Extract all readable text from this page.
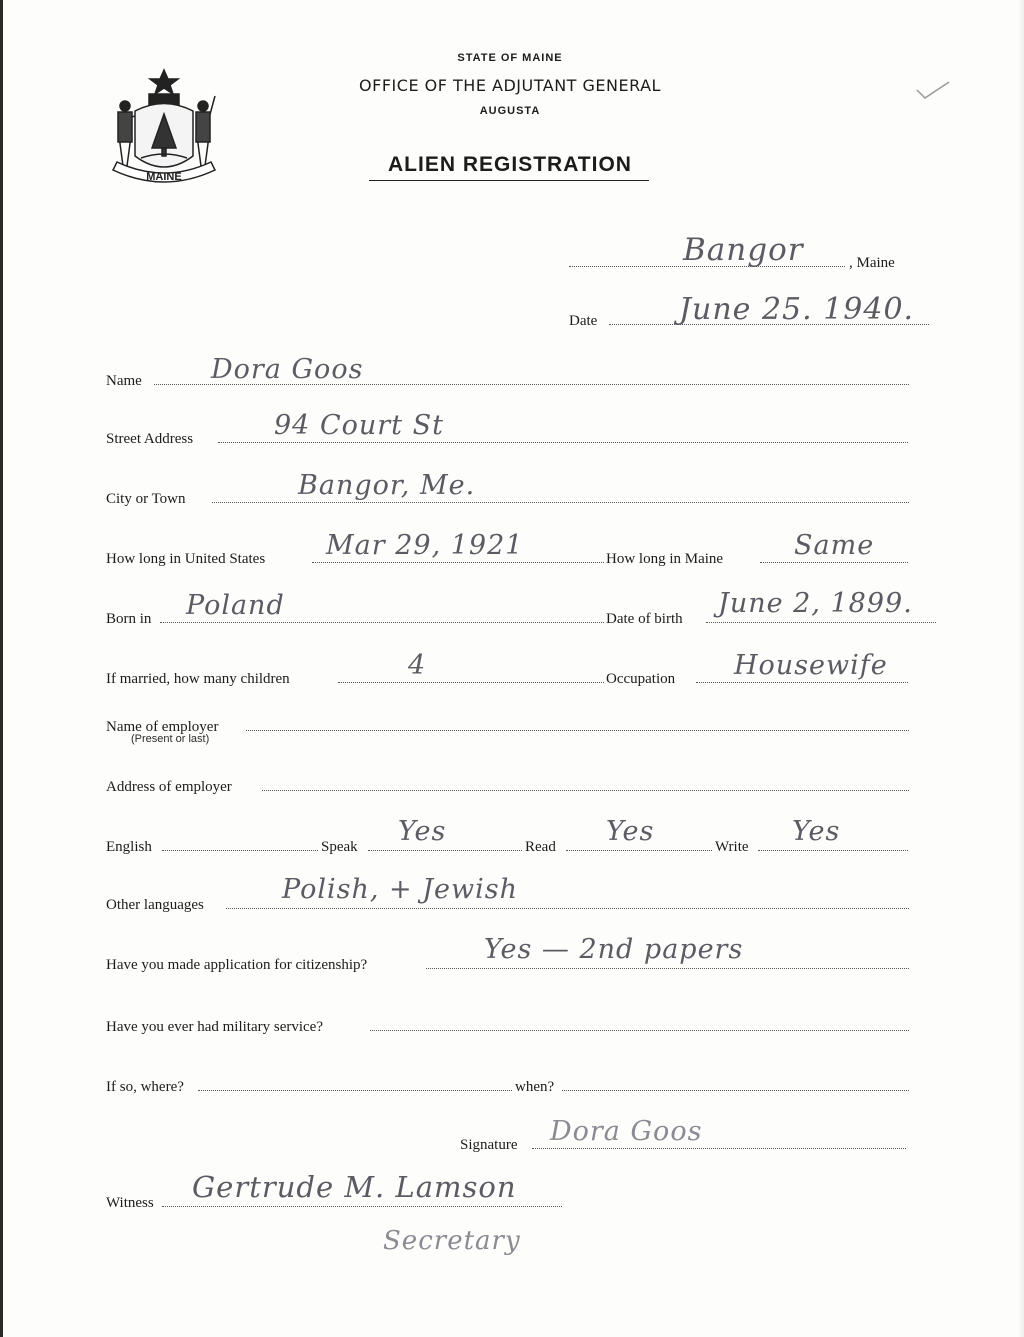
MAINE
STATE OF MAINE
OFFICE OF THE ADJUTANT GENERAL
AUGUSTA
ALIEN REGISTRATION
Bangor	, Maine
Date	June 25. 1940.
Name	Dora Goos
Street Address	94 Court St
City or Town	Bangor, Me.
How long in United States Mar 29, 1921	How long in Maine	Same
Born in Poland	Date of birth June 2, 1899.
If married, how many children	4	Occupation Housewife
Name of employer
(Present or last)
Address of employer
English	Speak Yes	Read Yes	Write Yes
Other languages	Polish, + Jewish
Have you made application for citizenship?	Yes — 2nd papers
Have you ever had military service?
If so, where?	when?
Signature Dora Goos
Witness Gertrude M. Lamson
Secretary
